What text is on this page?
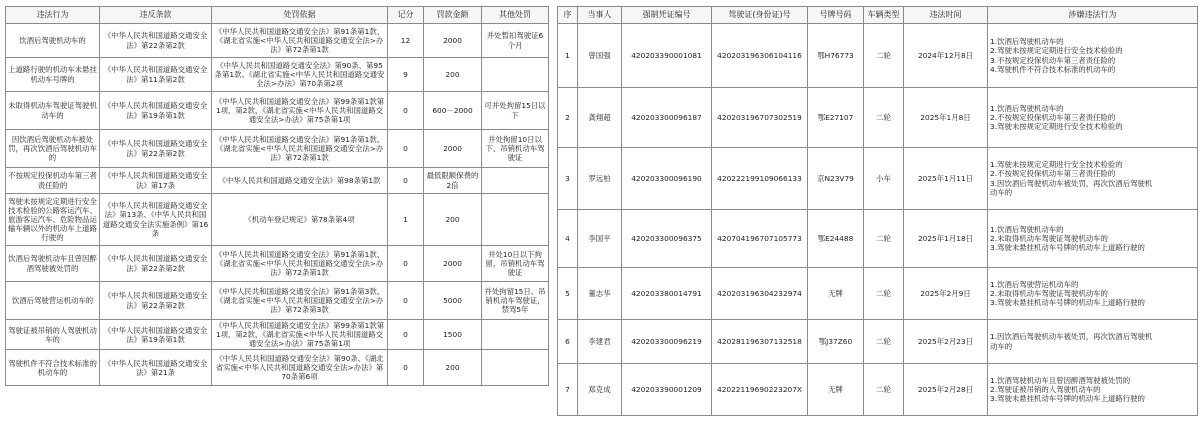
违法行为	违反条款	处罚依据	记分	罚款金额	其他处罚
饮酒后驾驶机动车的	《中华人民共和国道路交通安全法》第22条第2款	《中华人民共和国道路交通安全法》第91条第1款、《湖北省实施<中华人民共和国道路交通安全法>办法》第72条第1款	12	2000	并处暂扣驾驶证6个月
上道路行驶的机动车未悬挂机动车号牌的	《中华人民共和国道路交通安全法》第11条第2款	《中华人民共和国道路交通安全法》第90条、第95条第1款、《湖北省实施<中华人民共和国道路交通安全法>办法》第70条第2项	9	200	
未取得机动车驾驶证驾驶机动车的	《中华人民共和国道路交通安全法》第19条第1款	《中华人民共和国道路交通安全法》第99条第1款第1项、第2款、《湖北省实施<中华人民共和国道路交通安全法>办法》第75条第1项	0	600－2000	可并处拘留15日以下
因饮酒后驾驶机动车被处罚，再次饮酒后驾驶机动车的	《中华人民共和国道路交通安全法》第22条第2款	《中华人民共和国道路交通安全法》第91条第1款、《湖北省实施<中华人民共和国道路交通安全法>办法》第72条第1款	0	2000	并处拘留10日以下、吊销机动车驾驶证
不按规定投保机动车第三者责任险的	《中华人民共和国道路交通安全法》第17条	《中华人民共和国道路交通安全法》第98条第1款	0	最低限额保费的2倍	
驾驶未按规定定期进行安全技术检验的公路客运汽车、旅游客运汽车、危险物品运输车辆以外的机动车上道路行驶的	《中华人民共和国道路交通安全法》第13条、《中华人民共和国道路交通安全法实施条例》第16条	《机动车登记规定》第78条第4项	1	200	
饮酒后驾驶机动车且曾因醉酒驾驶被处罚的	《中华人民共和国道路交通安全法》第22条第2款	《中华人民共和国道路交通安全法》第91条第1款、《湖北省实施<中华人民共和国道路交通安全法>办法》第72条第1款	0	2000	并处10日以下拘留，吊销机动车驾驶证
饮酒后驾驶营运机动车的	《中华人民共和国道路交通安全法》第22条第2款	《中华人民共和国道路交通安全法》第91条第3款、《湖北省实施<中华人民共和国道路交通安全法>办法》第72条第3款	0	5000	并处拘留15日、吊销机动车驾驶证，禁驾5年
驾驶证被吊销的人驾驶机动车的	《中华人民共和国道路交通安全法》第19条第1款	《中华人民共和国道路交通安全法》第99条第1款第1项、第2款、《湖北省实施<中华人民共和国道路交通安全法>办法》第75条第1项	0	1500	
驾驶机件不符合技术标准的机动车的	《中华人民共和国道路交通安全法》第21条	《中华人民共和国道路交通安全法》第90条、《湖北省实施<中华人民共和国道路交通安全法>办法》第70条第6项	0	200	
序	当事人	强制凭证编号	驾驶证(身份证)号	号牌号码	车辆类型	违法时间	涉嫌违法行为
1	曾国强	420203390001081	420203196306104116	鄂H76773	二轮	2024年12月8日	1.饮酒后驾驶机动车的
2.驾驶未按规定定期进行安全技术检验的
3.不按规定投保机动车第三者责任险的
4.驾驶机件不符合技术标准的机动车的

2	龚翔超	420203300096187	420203196707302519	鄂E27107	二轮	2025年1月8日	1.饮酒后驾驶机动车的
2.不按规定投保机动车第三者责任险的
3.驾驶未按规定定期进行安全技术检验的

3	罗远柏	420203300096190	420222199109066133	京N23V79	小车	2025年1月11日	1.驾驶未按规定定期进行安全技术检验的
2.不按规定投保机动车第三者责任险的
3.因饮酒后驾驶机动车被处罚，再次饮酒后驾驶机
动车的

4	李国平	420203300096375	420704196707105773	鄂E24488	二轮	2025年1月18日	1.饮酒后驾驶机动车的
2.未取得机动车驾驶证驾驶机动车的
3.驾驶未悬挂机动车号牌的机动车上道路行驶的

5	董志华	420203380014791	420203196304232974	无牌	二轮	2025年2月9日	1.饮酒后驾驶营运机动车的
2.未取得机动车驾驶证驾驶机动车的
3.驾驶未悬挂机动车号牌的机动车上道路行驶的

6	李建君	420203300096219	420281196307132518	鄂J37Z60	二轮	2025年2月23日	1.因饮酒后驾驶机动车被处罚，再次饮酒后驾驶机
动车的

7	郑克成	420203390001209	42022119690223207X	无牌	二轮	2025年2月28日	1.饮酒驾驶机动车且曾因醉酒驾驶被处罚的
2.驾驶证被吊销的人驾驶机动车的
3.驾驶未悬挂机动车号牌的机动车上道路行驶的
